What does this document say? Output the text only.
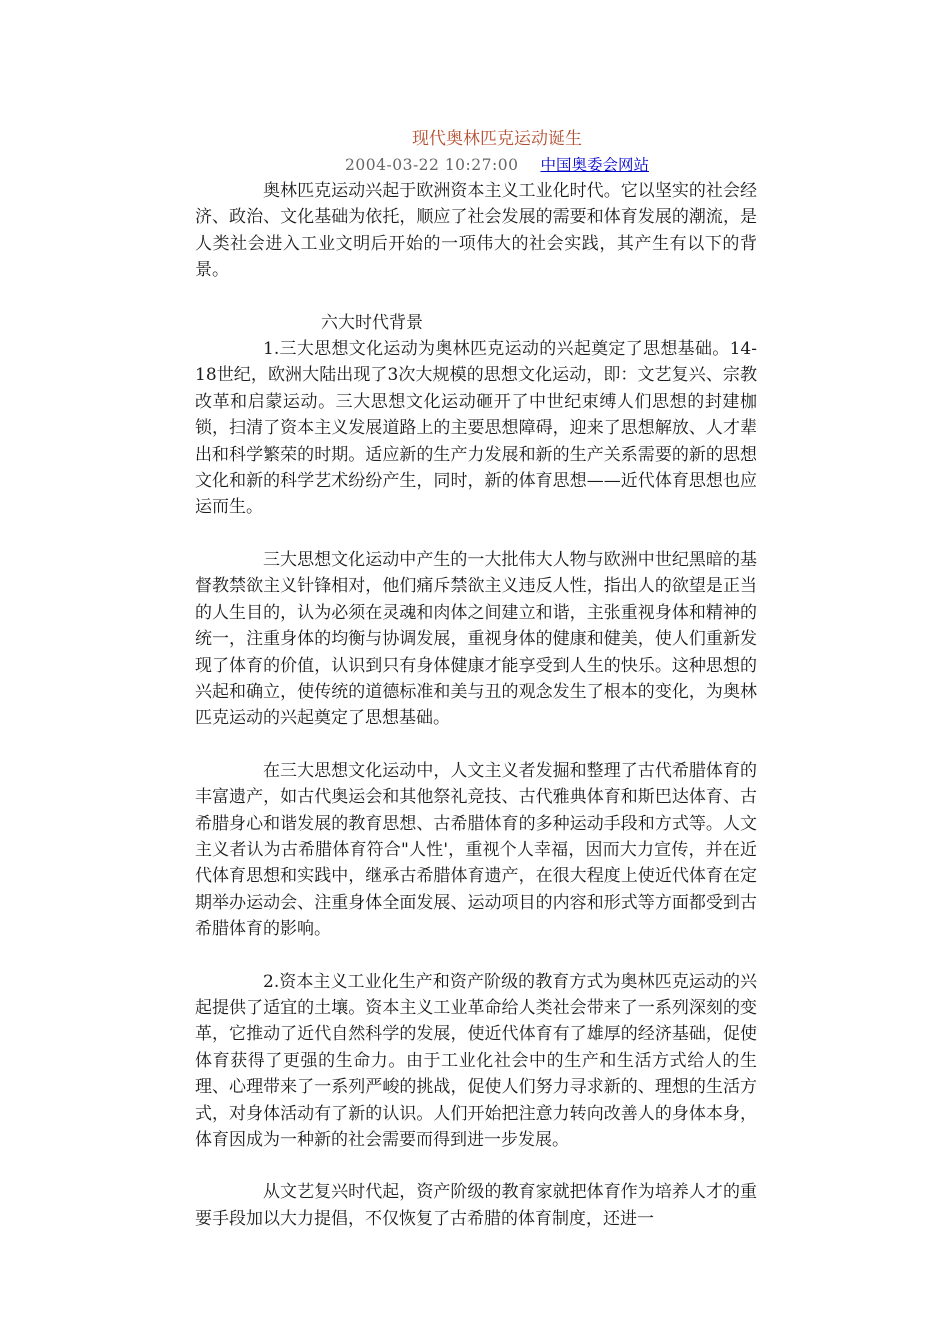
现代奥林匹克运动诞生
2004-03-22 10:27:00 中国奥委会网站

奥林匹克运动兴起于欧洲资本主义工业化时代。它以坚实的社会经济、政治、文化基础为依托，顺应了社会发展的需要和体育发展的潮流，是人类社会进入工业文明后开始的一项伟大的社会实践，其产生有以下的背景。

六大时代背景

1.三大思想文化运动为奥林匹克运动的兴起奠定了思想基础。14-18世纪，欧洲大陆出现了3次大规模的思想文化运动，即：文艺复兴、宗教改革和启蒙运动。三大思想文化运动砸开了中世纪束缚人们思想的封建枷锁，扫清了资本主义发展道路上的主要思想障碍，迎来了思想解放、人才辈出和科学繁荣的时期。适应新的生产力发展和新的生产关系需要的新的思想文化和新的科学艺术纷纷产生，同时，新的体育思想——近代体育思想也应运而生。

三大思想文化运动中产生的一大批伟大人物与欧洲中世纪黑暗的基督教禁欲主义针锋相对，他们痛斥禁欲主义违反人性，指出人的欲望是正当的人生目的，认为必须在灵魂和肉体之间建立和谐，主张重视身体和精神的统一，注重身体的均衡与协调发展，重视身体的健康和健美，使人们重新发现了体育的价值，认识到只有身体健康才能享受到人生的快乐。这种思想的兴起和确立，使传统的道德标准和美与丑的观念发生了根本的变化，为奥林匹克运动的兴起奠定了思想基础。

在三大思想文化运动中，人文主义者发掘和整理了古代希腊体育的丰富遗产，如古代奥运会和其他祭礼竞技、古代雅典体育和斯巴达体育、古希腊身心和谐发展的教育思想、古希腊体育的多种运动手段和方式等。人文主义者认为古希腊体育符合"人性'，重视个人幸福，因而大力宣传，并在近代体育思想和实践中，继承古希腊体育遗产，在很大程度上使近代体育在定期举办运动会、注重身体全面发展、运动项目的内容和形式等方面都受到古希腊体育的影响。

2.资本主义工业化生产和资产阶级的教育方式为奥林匹克运动的兴起提供了适宜的土壤。资本主义工业革命给人类社会带来了一系列深刻的变革，它推动了近代自然科学的发展，使近代体育有了雄厚的经济基础，促使体育获得了更强的生命力。由于工业化社会中的生产和生活方式给人的生理、心理带来了一系列严峻的挑战，促使人们努力寻求新的、理想的生活方式，对身体活动有了新的认识。人们开始把注意力转向改善人的身体本身，体育因成为一种新的社会需要而得到进一步发展。

从文艺复兴时代起，资产阶级的教育家就把体育作为培养人才的重要手段加以大力提倡，不仅恢复了古希腊的体育制度，还进一
